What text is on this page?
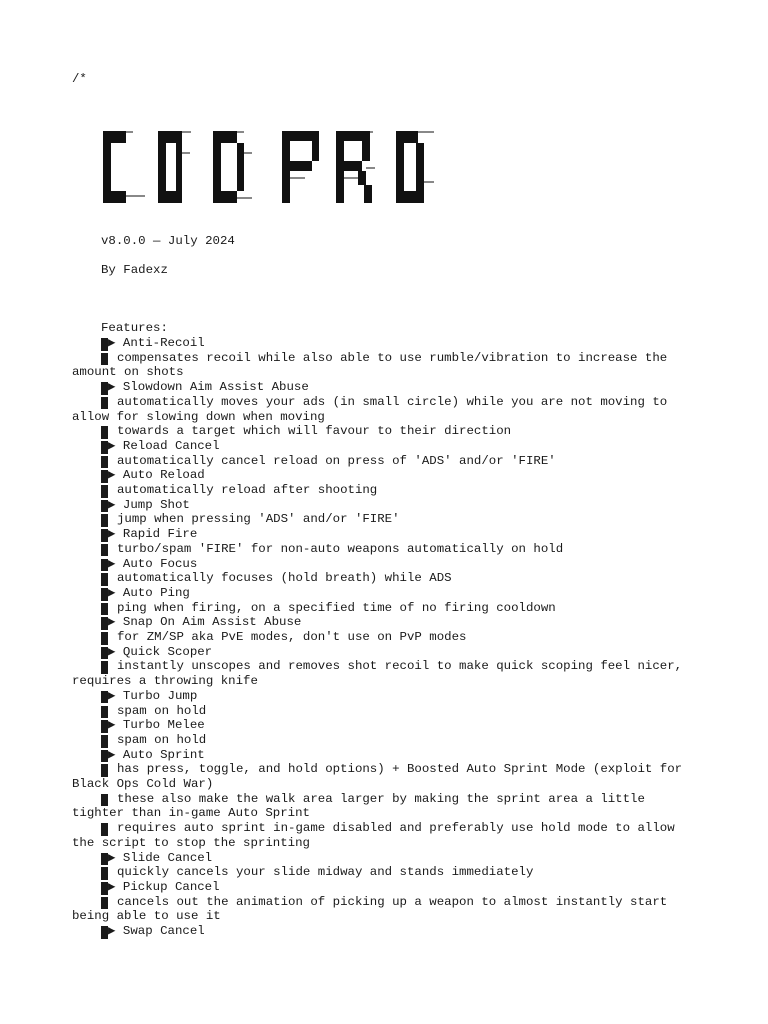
/*
v8.0.0 — July 2024
By Fadexz
Features:
▶ Anti-Recoil
compensates recoil while also able to use rumble/vibration to increase the
amount on shots
▶ Slowdown Aim Assist Abuse
automatically moves your ads (in small circle) while you are not moving to
allow for slowing down when moving
towards a target which will favour to their direction
▶ Reload Cancel
automatically cancel reload on press of 'ADS' and/or 'FIRE'
▶ Auto Reload
automatically reload after shooting
▶ Jump Shot
jump when pressing 'ADS' and/or 'FIRE'
▶ Rapid Fire
turbo/spam 'FIRE' for non-auto weapons automatically on hold
▶ Auto Focus
automatically focuses (hold breath) while ADS
▶ Auto Ping
ping when firing, on a specified time of no firing cooldown
▶ Snap On Aim Assist Abuse
for ZM/SP aka PvE modes, don't use on PvP modes
▶ Quick Scoper
instantly unscopes and removes shot recoil to make quick scoping feel nicer,
requires a throwing knife
▶ Turbo Jump
spam on hold
▶ Turbo Melee
spam on hold
▶ Auto Sprint
has press, toggle, and hold options) + Boosted Auto Sprint Mode (exploit for
Black Ops Cold War)
these also make the walk area larger by making the sprint area a little
tighter than in-game Auto Sprint
requires auto sprint in-game disabled and preferably use hold mode to allow
the script to stop the sprinting
▶ Slide Cancel
quickly cancels your slide midway and stands immediately
▶ Pickup Cancel
cancels out the animation of picking up a weapon to almost instantly start
being able to use it
▶ Swap Cancel
